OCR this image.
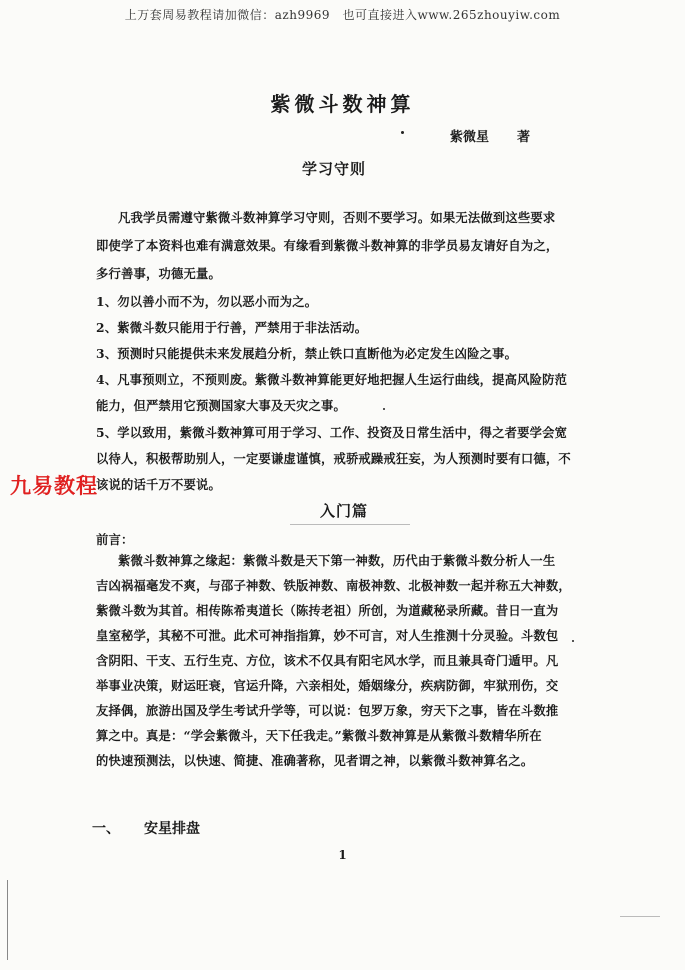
上万套周易教程请加微信：azh9969　也可直接进入www.265zhouyiw.com
紫微斗数神算
紫微星 著
学习守则
凡我学员需遵守紫微斗数神算学习守则，否则不要学习。如果无法做到这些要求
即使学了本资料也难有满意效果。有缘看到紫微斗数神算的非学员易友请好自为之，
多行善事，功德无量。
1、勿以善小而不为，勿以恶小而为之。
2、紫微斗数只能用于行善，严禁用于非法活动。
3、预测时只能提供未来发展趋分析，禁止铁口直断他为必定发生凶险之事。
4、凡事预则立，不预则废。紫微斗数神算能更好地把握人生运行曲线，提高风险防范
能力，但严禁用它预测国家大事及天灾之事。
5、学以致用，紫微斗数神算可用于学习、工作、投资及日常生活中，得之者要学会宽
以待人，积极帮助别人，一定要谦虚谨慎，戒骄戒躁戒狂妄，为人预测时要有口德，不
该说的话千万不要说。
九易教程
入门篇
前言：
紫微斗数神算之缘起：紫微斗数是天下第一神数，历代由于紫微斗数分析人一生
吉凶祸福毫发不爽，与邵子神数、铁版神数、南极神数、北极神数一起并称五大神数，
紫微斗数为其首。相传陈希夷道长（陈抟老祖）所创，为道藏秘录所藏。昔日一直为
皇室秘学，其秘不可泄。此术可神指指算，妙不可言，对人生推测十分灵验。斗数包
含阴阳、干支、五行生克、方位，该术不仅具有阳宅风水学，而且兼具奇门遁甲。凡
举事业决策，财运旺衰，官运升降，六亲相处，婚姻缘分，疾病防御，牢狱刑伤，交
友择偶，旅游出国及学生考试升学等，可以说：包罗万象，穷天下之事，皆在斗数推
算之中。真是：“学会紫微斗，天下任我走。”紫微斗数神算是从紫微斗数精华所在
的快速预测法，以快速、简捷、准确著称，见者谓之神，以紫微斗数神算名之。
一、 安星排盘
1
